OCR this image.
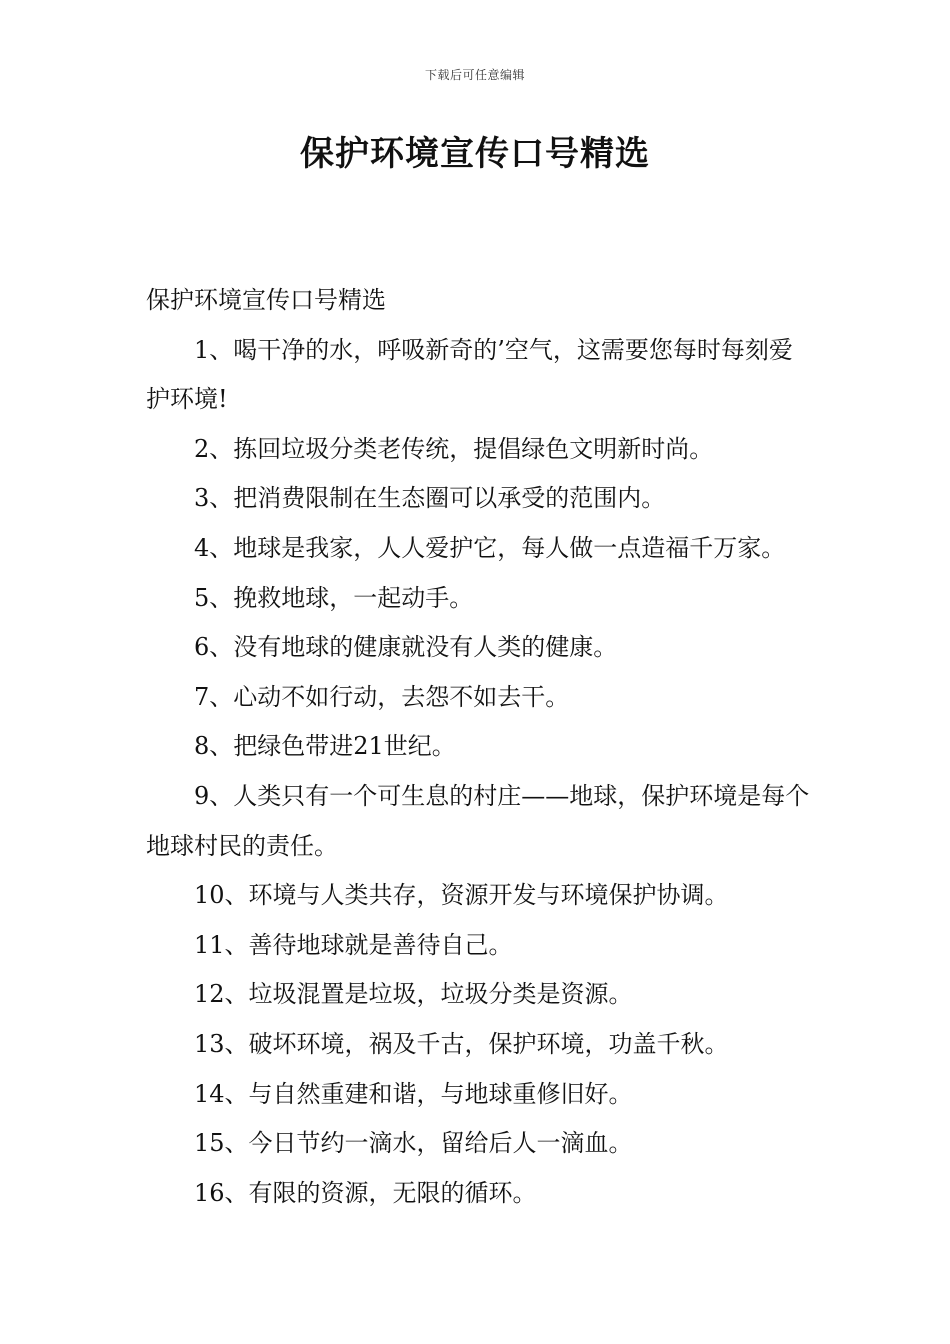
下载后可任意编辑
保护环境宣传口号精选

保护环境宣传口号精选

1、喝干净的水，呼吸新奇的’空气，这需要您每时每刻爱护环境!

2、拣回垃圾分类老传统，提倡绿色文明新时尚。

3、把消费限制在生态圈可以承受的范围内。

4、地球是我家，人人爱护它，每人做一点造福千万家。

5、挽救地球，一起动手。

6、没有地球的健康就没有人类的健康。

7、心动不如行动，去怨不如去干。

8、把绿色带进21世纪。

9、人类只有一个可生息的村庄——地球，保护环境是每个地球村民的责任。

10、环境与人类共存，资源开发与环境保护协调。

11、善待地球就是善待自己。

12、垃圾混置是垃圾，垃圾分类是资源。

13、破坏环境，祸及千古，保护环境，功盖千秋。

14、与自然重建和谐，与地球重修旧好。

15、今日节约一滴水，留给后人一滴血。

16、有限的资源，无限的循环。
